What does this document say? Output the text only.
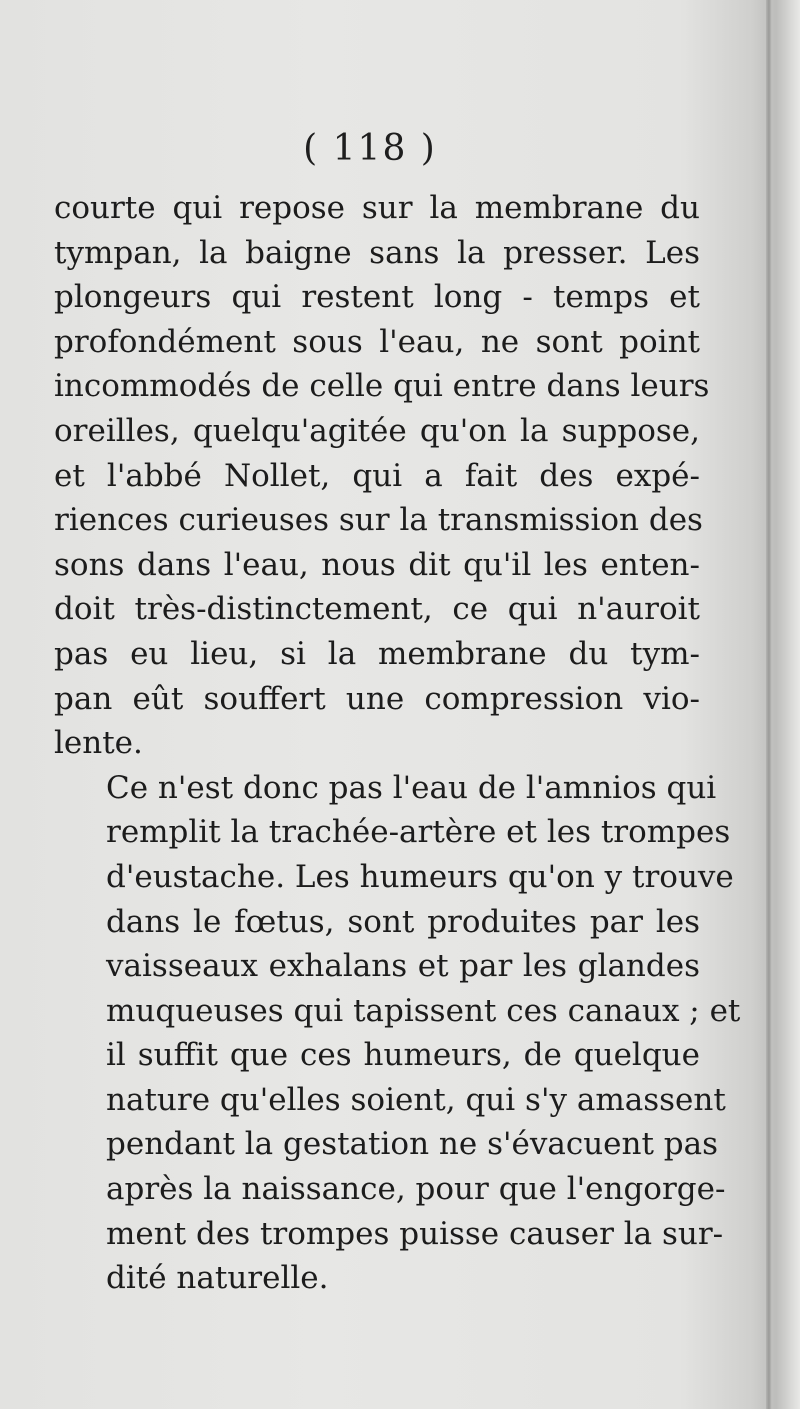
( 118 )
courte qui repose sur la membrane du
tympan, la baigne sans la presser. Les
plongeurs qui restent long - temps et
profondément sous l'eau, ne sont point
incommodés de celle qui entre dans leurs
oreilles, quelqu'agitée qu'on la suppose,
et l'abbé Nollet, qui a fait des expé-
riences curieuses sur la transmission des
sons dans l'eau, nous dit qu'il les enten-
doit très-distinctement, ce qui n'auroit
pas eu lieu, si la membrane du tym-
pan eût souffert une compression vio-
lente.
Ce n'est donc pas l'eau de l'amnios qui
remplit la trachée-artère et les trompes
d'eustache. Les humeurs qu'on y trouve
dans le fœtus, sont produites par les
vaisseaux exhalans et par les glandes
muqueuses qui tapissent ces canaux ; et
il suffit que ces humeurs, de quelque
nature qu'elles soient, qui s'y amassent
pendant la gestation ne s'évacuent pas
après la naissance, pour que l'engorge-
ment des trompes puisse causer la sur-
dité naturelle.
